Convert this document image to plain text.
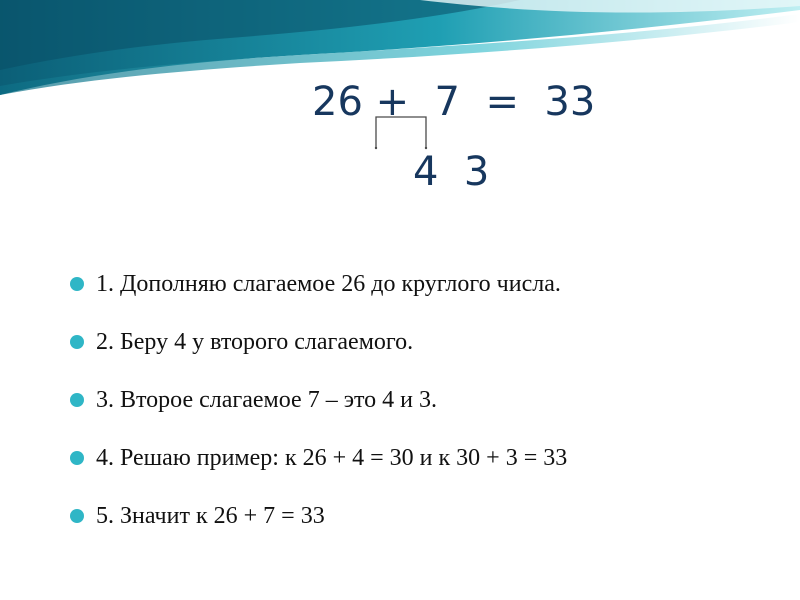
26 +  7  =  33
4  3
1. Дополняю слагаемое 26 до круглого числа.
2. Беру 4 у второго слагаемого.
3. Второе слагаемое 7 – это 4 и 3.
4. Решаю пример: к 26 + 4 = 30 и к 30 + 3 = 33
5. Значит к 26 + 7 = 33
